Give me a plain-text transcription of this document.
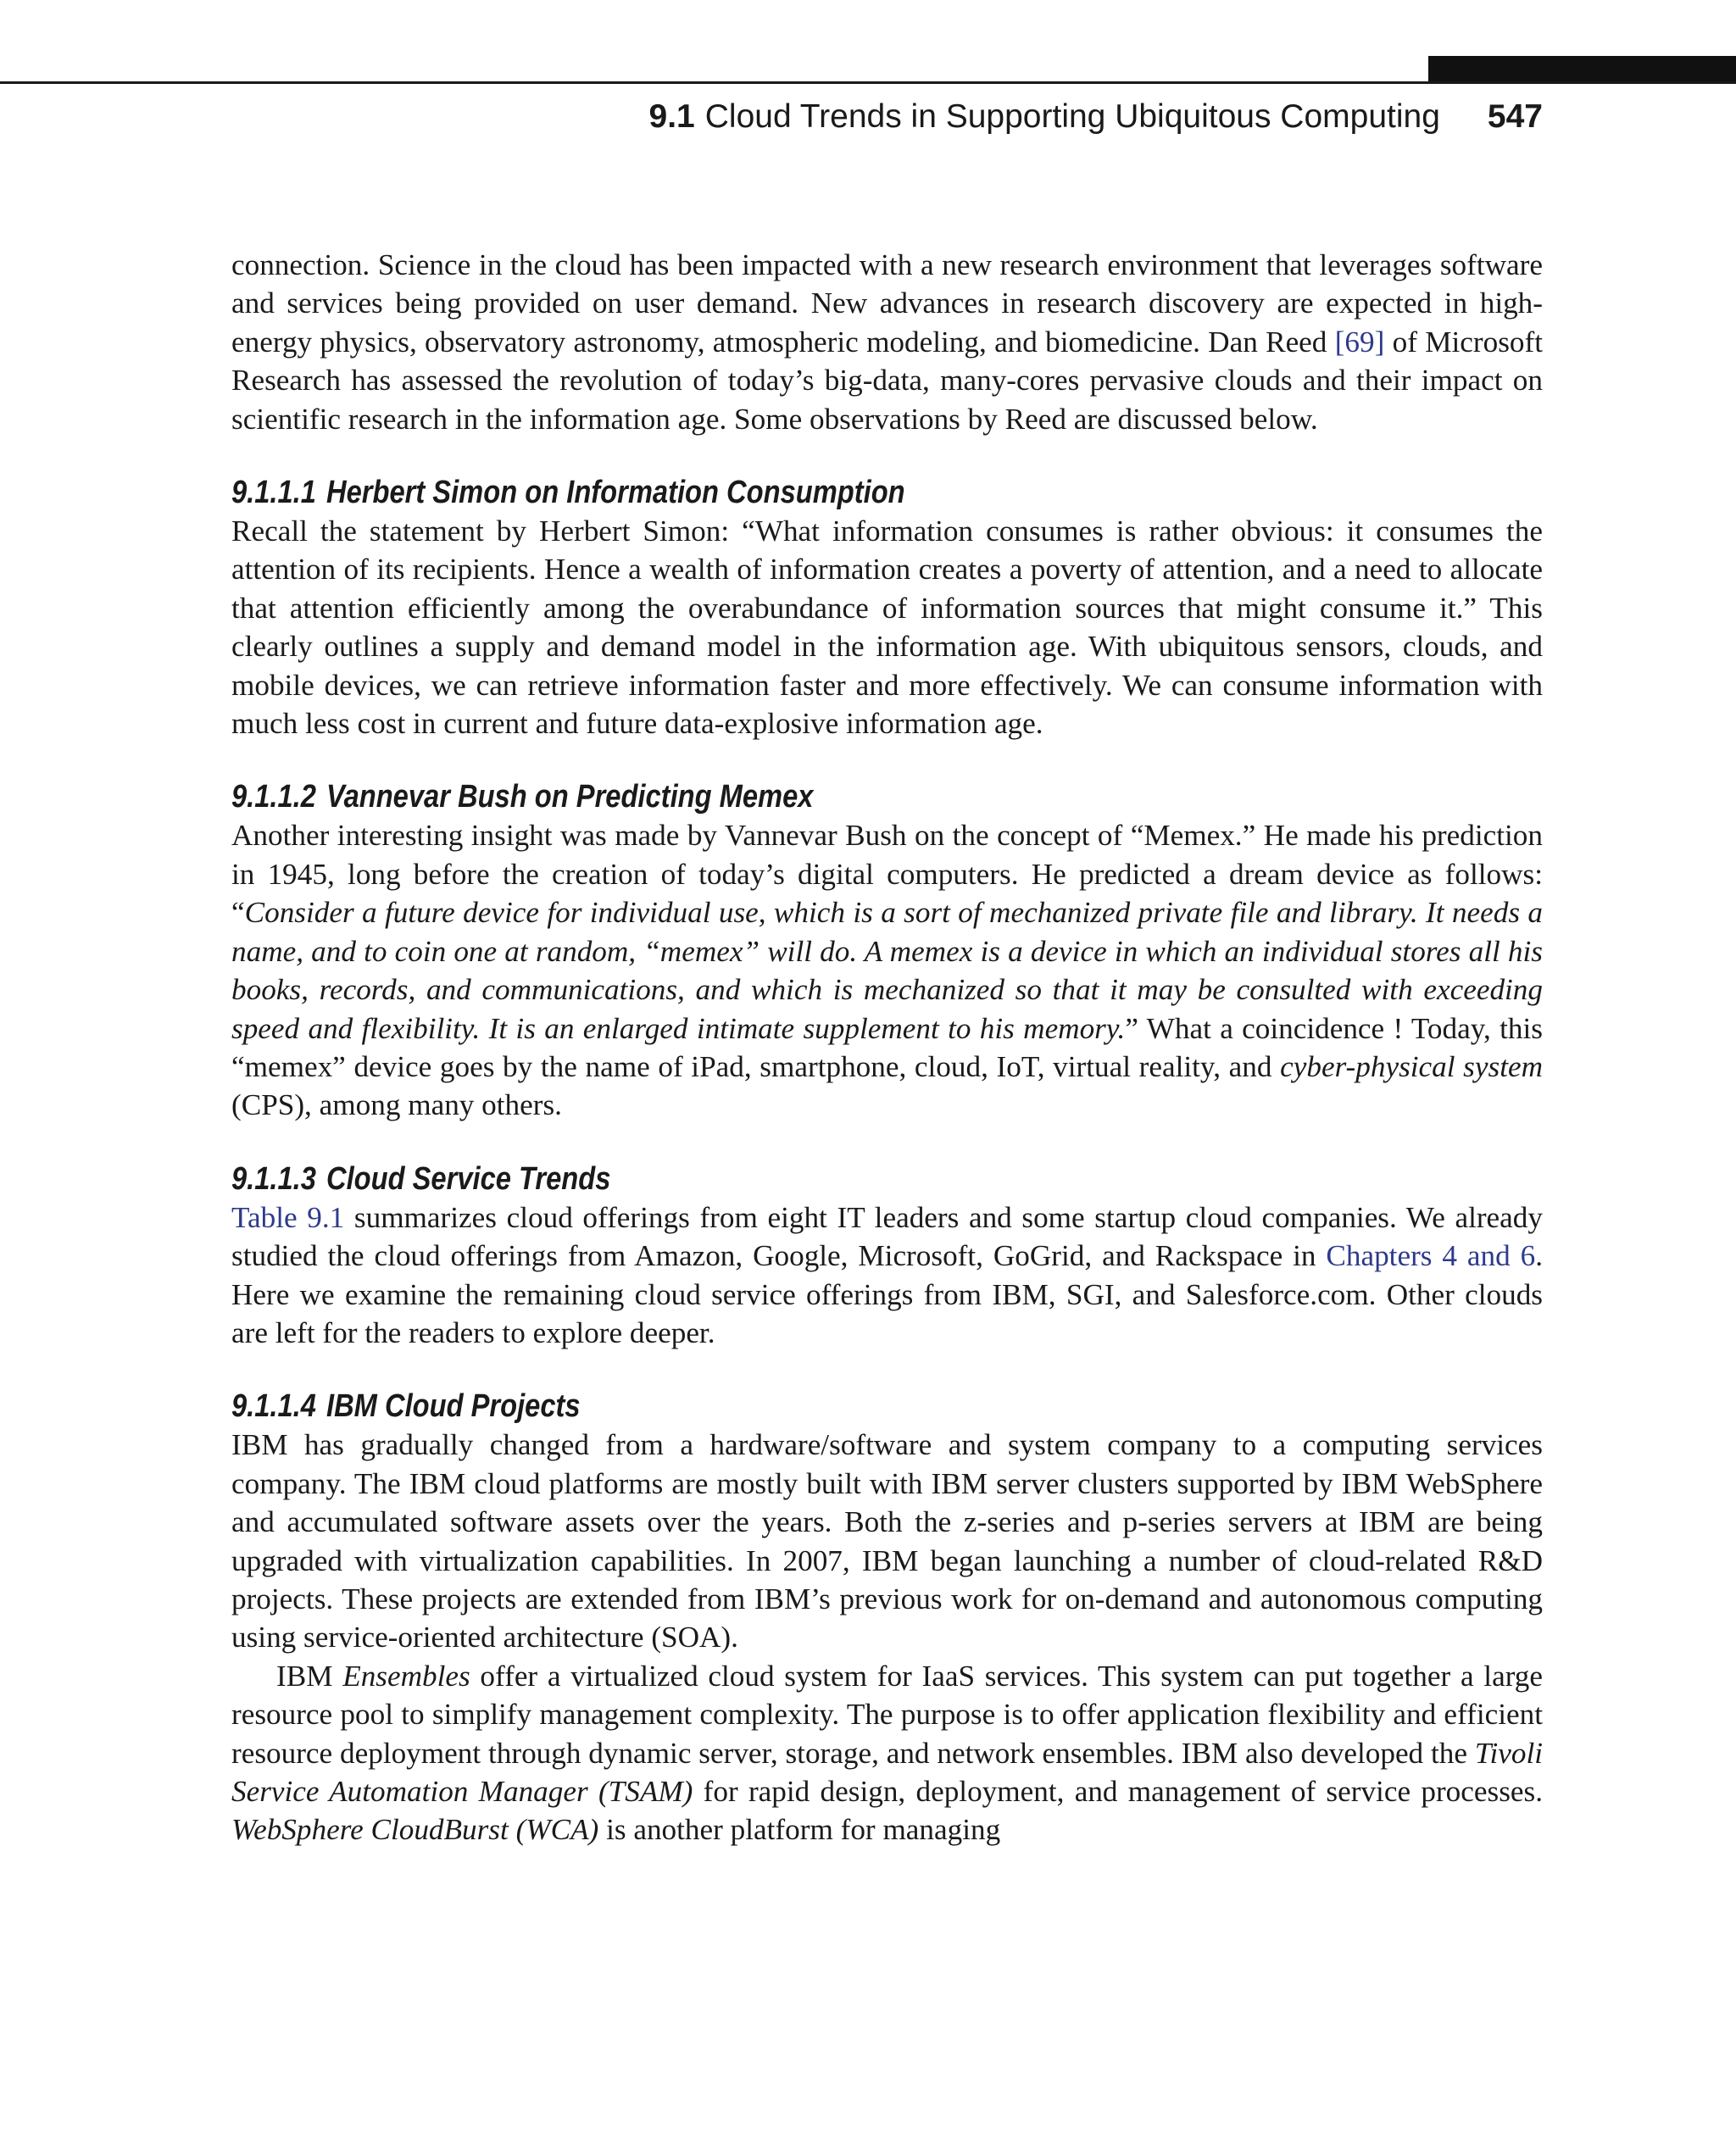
9.1 Cloud Trends in Supporting Ubiquitous Computing 547

connection. Science in the cloud has been impacted with a new research environment that leverages software and services being provided on user demand. New advances in research discovery are expected in high-energy physics, observatory astronomy, atmospheric modeling, and biomedicine. Dan Reed [69] of Microsoft Research has assessed the revolution of today’s big-data, many-cores pervasive clouds and their impact on scientific research in the information age. Some observations by Reed are discussed below.

9.1.1.1 Herbert Simon on Information Consumption

Recall the statement by Herbert Simon: “What information consumes is rather obvious: it consumes the attention of its recipients. Hence a wealth of information creates a poverty of attention, and a need to allocate that attention efficiently among the overabundance of information sources that might consume it.” This clearly outlines a supply and demand model in the information age. With ubiquitous sensors, clouds, and mobile devices, we can retrieve information faster and more effectively. We can consume information with much less cost in current and future data-explosive information age.

9.1.1.2 Vannevar Bush on Predicting Memex

Another interesting insight was made by Vannevar Bush on the concept of “Memex.” He made his prediction in 1945, long before the creation of today’s digital computers. He predicted a dream device as follows: “Consider a future device for individual use, which is a sort of mechanized private file and library. It needs a name, and to coin one at random, “memex” will do. A memex is a device in which an individual stores all his books, records, and communications, and which is mechanized so that it may be consulted with exceeding speed and flexibility. It is an enlarged intimate supplement to his memory.” What a coincidence ! Today, this “memex” device goes by the name of iPad, smartphone, cloud, IoT, virtual reality, and cyber-physical system (CPS), among many others.

9.1.1.3 Cloud Service Trends

Table 9.1 summarizes cloud offerings from eight IT leaders and some startup cloud companies. We already studied the cloud offerings from Amazon, Google, Microsoft, GoGrid, and Rackspace in Chapters 4 and 6. Here we examine the remaining cloud service offerings from IBM, SGI, and Salesforce.com. Other clouds are left for the readers to explore deeper.

9.1.1.4 IBM Cloud Projects

IBM has gradually changed from a hardware/software and system company to a computing services company. The IBM cloud platforms are mostly built with IBM server clusters supported by IBM WebSphere and accumulated software assets over the years. Both the z-series and p-series servers at IBM are being upgraded with virtualization capabilities. In 2007, IBM began launching a number of cloud-related R&D projects. These projects are extended from IBM’s previous work for on-demand and autonomous computing using service-oriented architecture (SOA).

IBM Ensembles offer a virtualized cloud system for IaaS services. This system can put together a large resource pool to simplify management complexity. The purpose is to offer application flexibility and efficient resource deployment through dynamic server, storage, and network ensembles. IBM also developed the Tivoli Service Automation Manager (TSAM) for rapid design, deployment, and management of service processes. WebSphere CloudBurst (WCA) is another platform for managing
